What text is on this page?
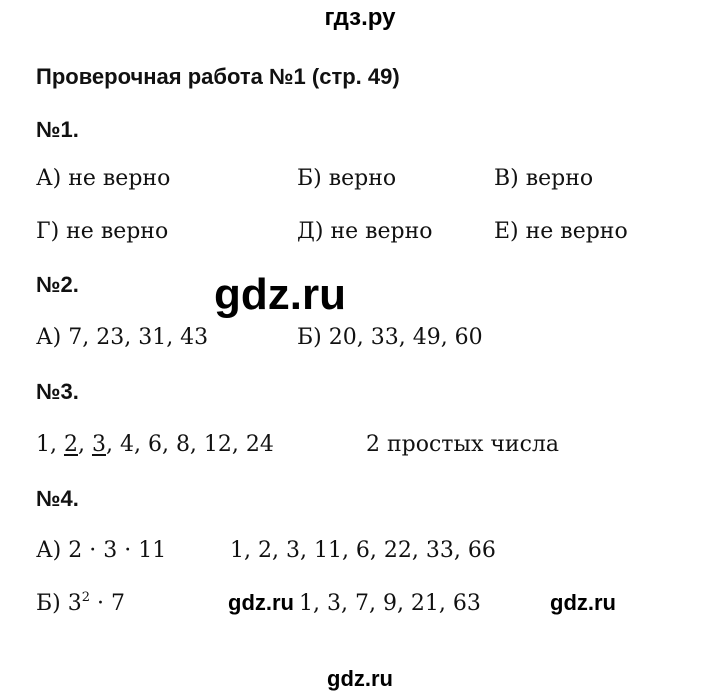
гдз.ру
Проверочная работа №1 (стр. 49)
№1.
А) не верно	Б) верно	В) верно
Г) не верно	Д) не верно	Е) не верно
№2.	gdz.ru
А) 7, 23, 31, 43	Б) 20, 33, 49, 60
№3.
1, 2, 3, 4, 6, 8, 12, 24	2 простых числа
№4.
А) 2 · 3 · 11	1, 2, 3, 11, 6, 22, 33, 66
Б) $3^2 \cdot 7$	gdz.ru 1, 3, 7, 9, 21, 63	gdz.ru
gdz.ru
